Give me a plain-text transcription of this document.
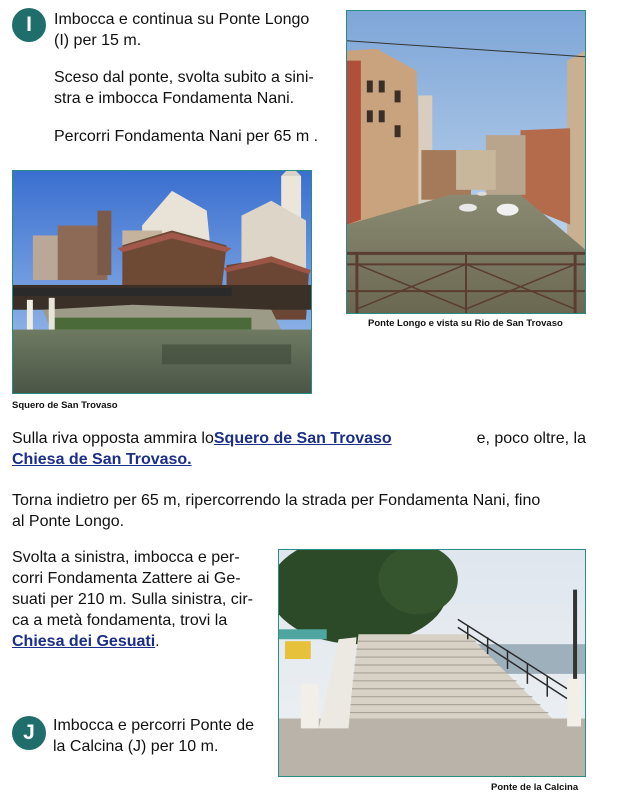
I	Imbocca e continua su Ponte Longo
(I) per 15 m.
Sceso dal ponte, svolta subito a sini-
stra e imbocca Fondamenta Nani.
Percorri Fondamenta Nani per 65 m .
Ponte Longo e vista su Rio de San Trovaso
Squero de San Trovaso
Sulla riva opposta ammira lo Squero de San Trovaso	e, poco oltre, la
Chiesa de San Trovaso.
Torna indietro per 65 m, ripercorrendo la strada per Fondamenta Nani, fino
al Ponte Longo.
Svolta a sinistra, imbocca e per-
corri Fondamenta Zattere ai Ge-
suati per 210 m. Sulla sinistra, cir-
ca a metà fondamenta, trovi la
Chiesa dei Gesuati.
J	Imbocca e percorri Ponte de
la Calcina (J) per 10 m.
Ponte de la Calcina
